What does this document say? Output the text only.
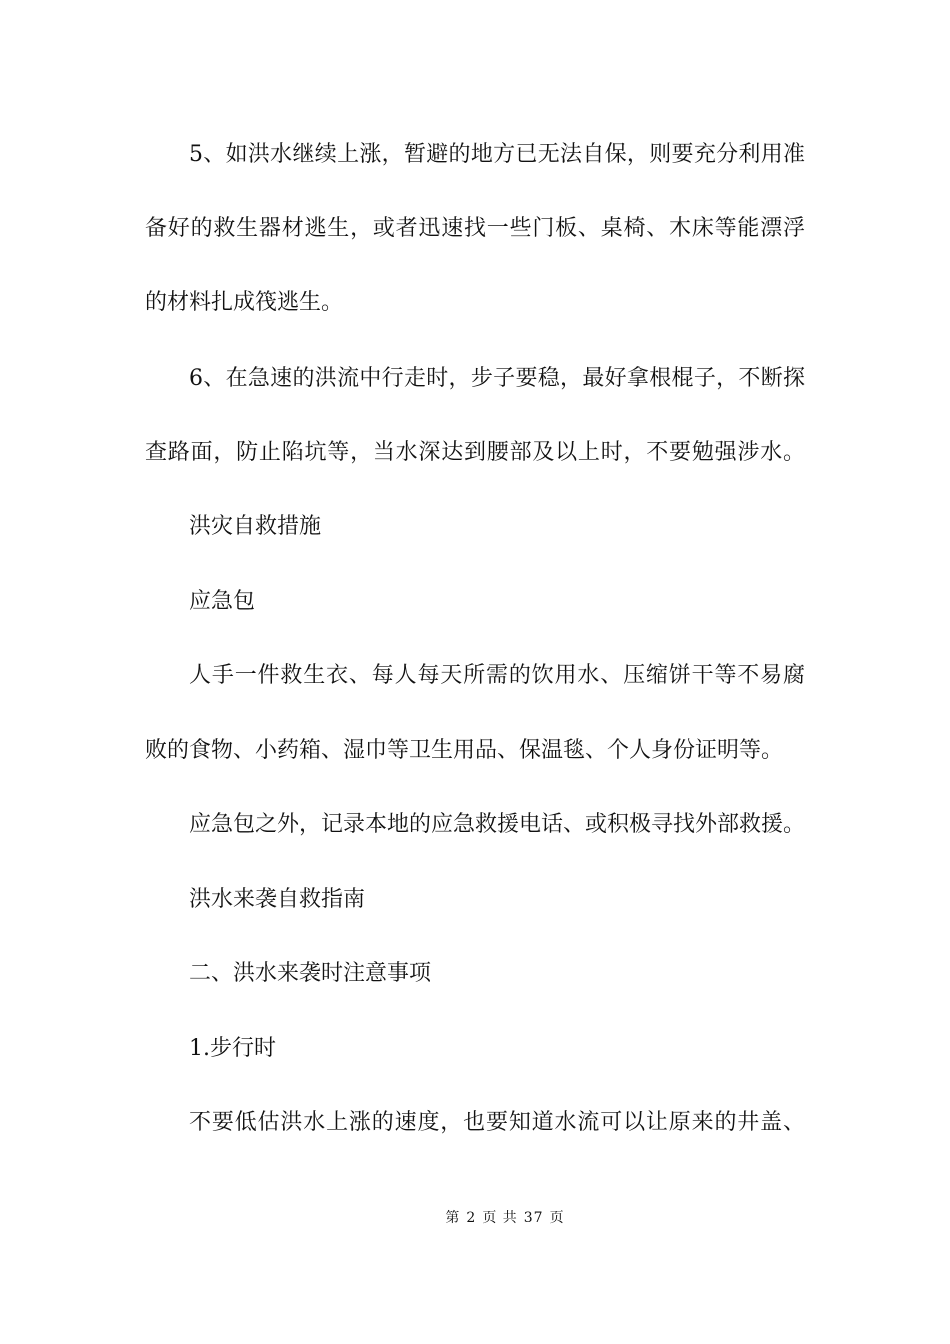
5、如洪水继续上涨，暂避的地方已无法自保，则要充分利用准
备好的救生器材逃生，或者迅速找一些门板、桌椅、木床等能漂浮
的材料扎成筏逃生。
6、在急速的洪流中行走时，步子要稳，最好拿根棍子，不断探
查路面，防止陷坑等，当水深达到腰部及以上时，不要勉强涉水。
洪灾自救措施
应急包
人手一件救生衣、每人每天所需的饮用水、压缩饼干等不易腐
败的食物、小药箱、湿巾等卫生用品、保温毯、个人身份证明等。
应急包之外，记录本地的应急救援电话、或积极寻找外部救援。
洪水来袭自救指南
二、洪水来袭时注意事项
1.步行时
不要低估洪水上涨的速度，也要知道水流可以让原来的井盖、
第 2 页 共 37 页
